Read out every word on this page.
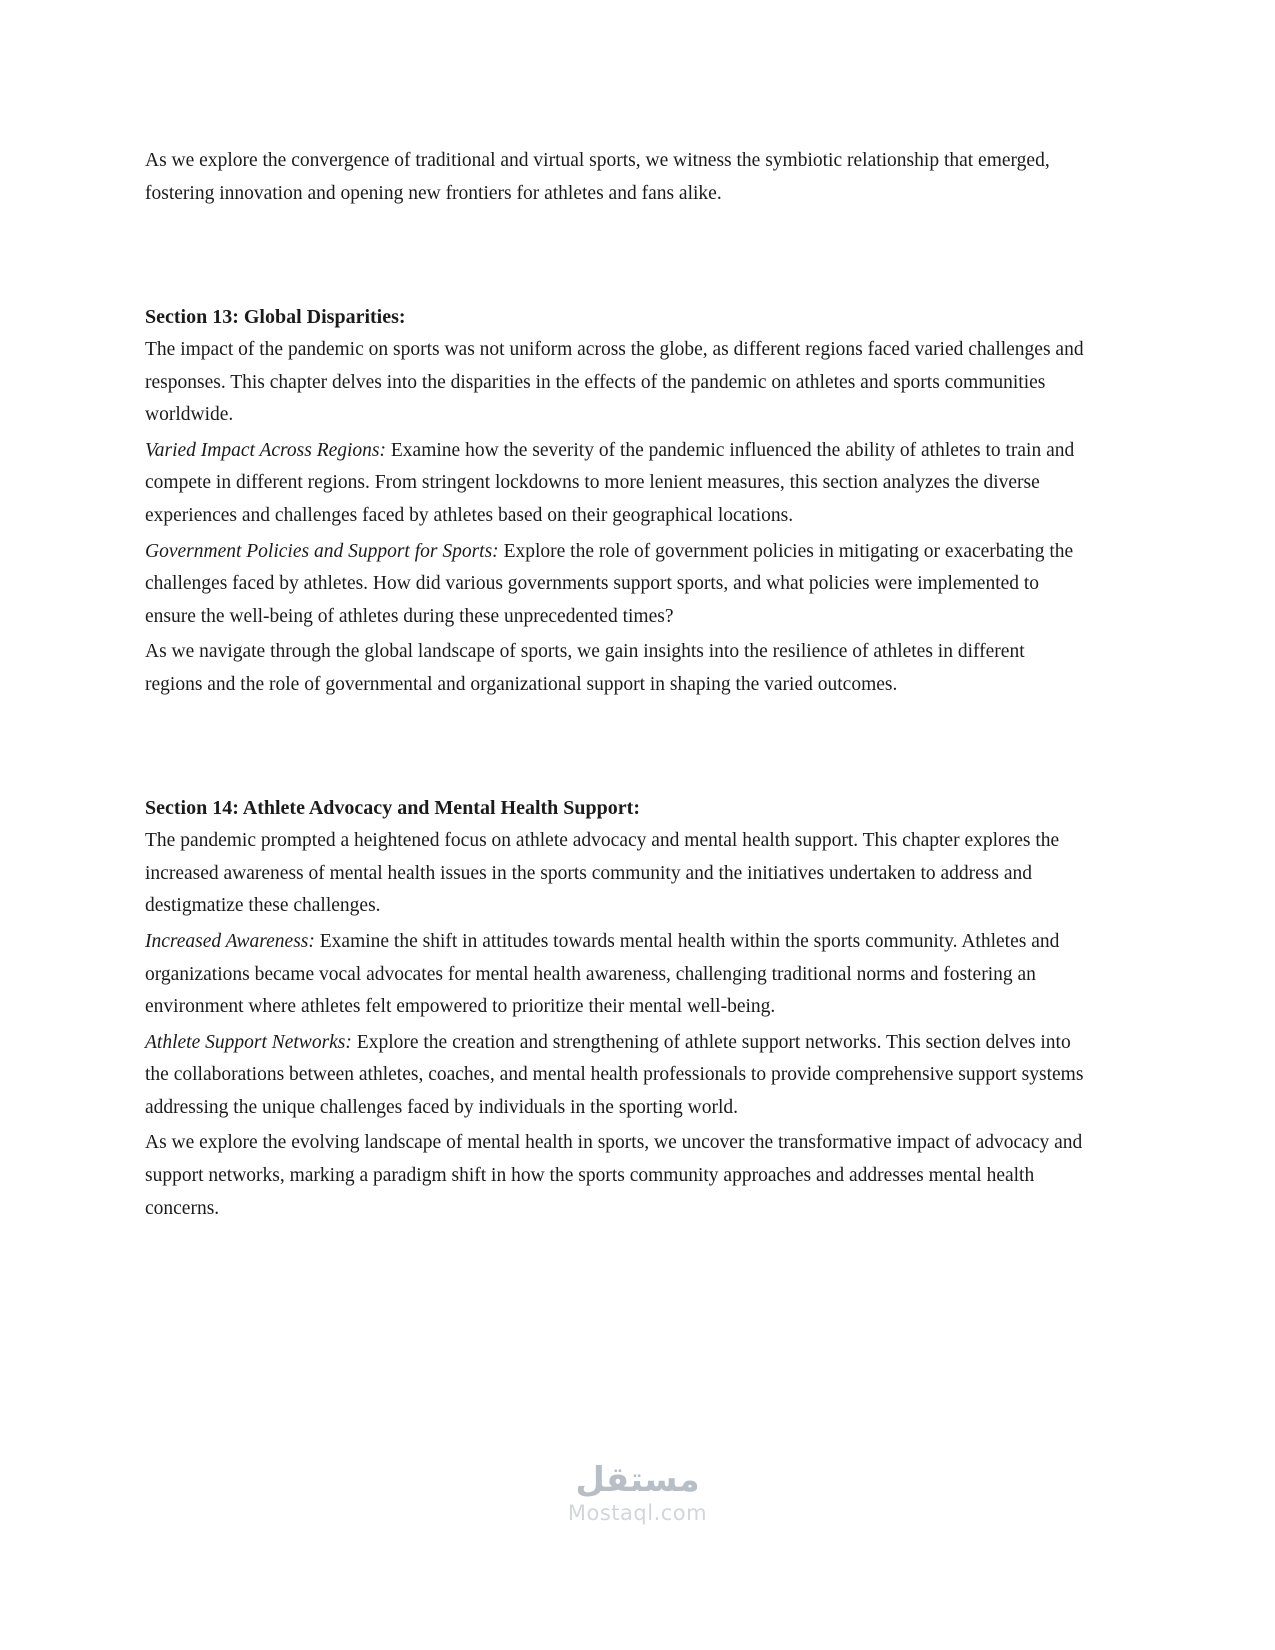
As we explore the convergence of traditional and virtual sports, we witness the symbiotic relationship that emerged, fostering innovation and opening new frontiers for athletes and fans alike.

Section 13: Global Disparities:

The impact of the pandemic on sports was not uniform across the globe, as different regions faced varied challenges and responses. This chapter delves into the disparities in the effects of the pandemic on athletes and sports communities worldwide.

Varied Impact Across Regions: Examine how the severity of the pandemic influenced the ability of athletes to train and compete in different regions. From stringent lockdowns to more lenient measures, this section analyzes the diverse experiences and challenges faced by athletes based on their geographical locations.

Government Policies and Support for Sports: Explore the role of government policies in mitigating or exacerbating the challenges faced by athletes. How did various governments support sports, and what policies were implemented to ensure the well-being of athletes during these unprecedented times?

As we navigate through the global landscape of sports, we gain insights into the resilience of athletes in different regions and the role of governmental and organizational support in shaping the varied outcomes.

Section 14: Athlete Advocacy and Mental Health Support:

The pandemic prompted a heightened focus on athlete advocacy and mental health support. This chapter explores the increased awareness of mental health issues in the sports community and the initiatives undertaken to address and destigmatize these challenges.

Increased Awareness: Examine the shift in attitudes towards mental health within the sports community. Athletes and organizations became vocal advocates for mental health awareness, challenging traditional norms and fostering an environment where athletes felt empowered to prioritize their mental well-being.

Athlete Support Networks: Explore the creation and strengthening of athlete support networks. This section delves into the collaborations between athletes, coaches, and mental health professionals to provide comprehensive support systems addressing the unique challenges faced by individuals in the sporting world.

As we explore the evolving landscape of mental health in sports, we uncover the transformative impact of advocacy and support networks, marking a paradigm shift in how the sports community approaches and addresses mental health concerns.

مستقل
Mostaql.com
